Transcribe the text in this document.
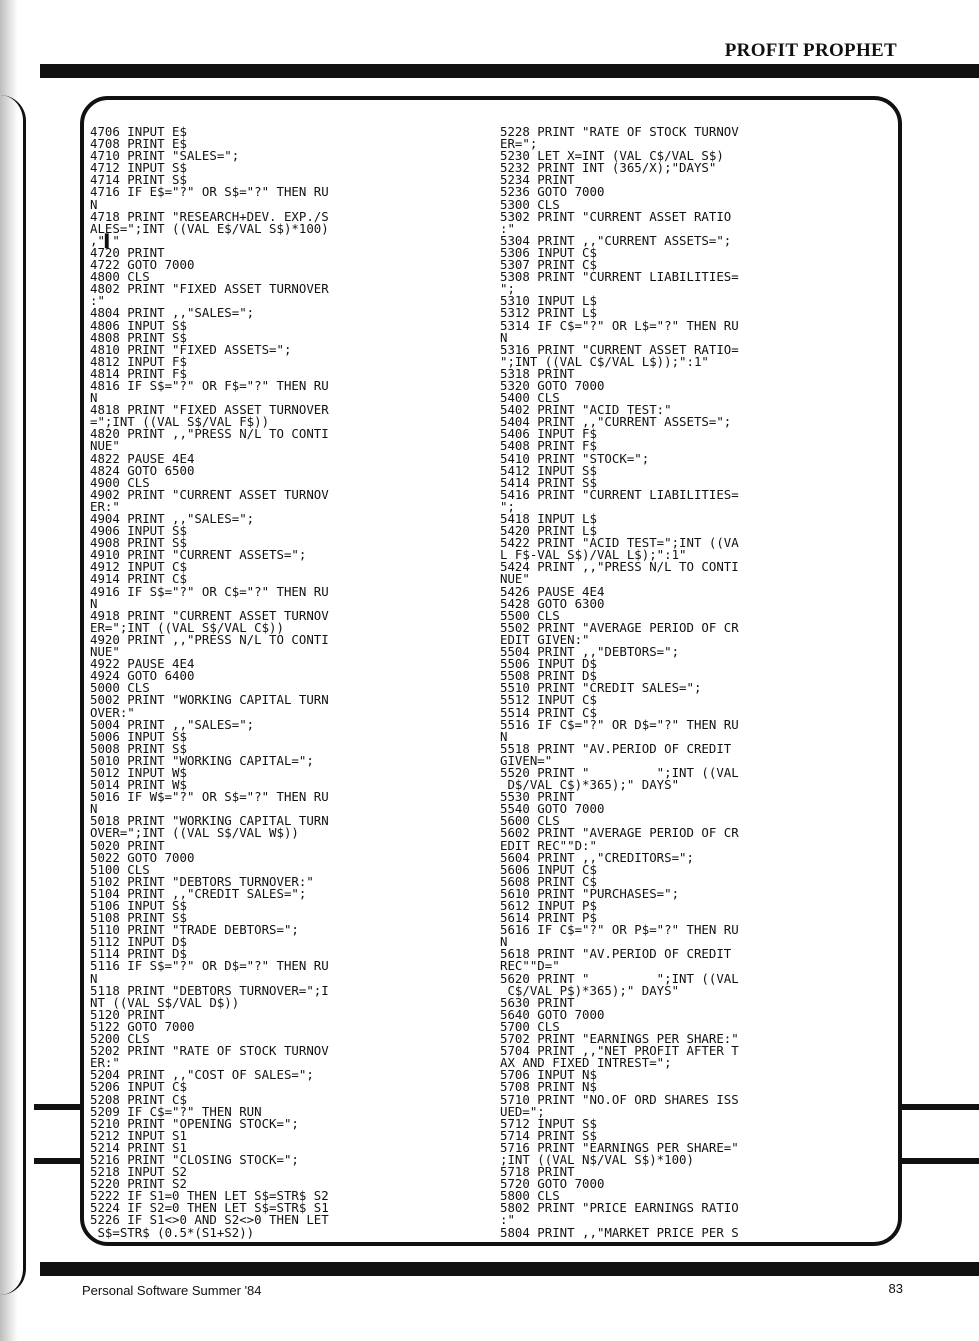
PROFIT PROPHET
4706 INPUT E$
4708 PRINT E$
4710 PRINT "SALES=";
4712 INPUT S$
4714 PRINT S$
4716 IF E$="?" OR S$="?" THEN RU
N
4718 PRINT "RESEARCH+DEV. EXP./S
ALES=";INT ((VAL E$/VAL S$)*100)
,"▌"
4720 PRINT
4722 GOTO 7000
4800 CLS
4802 PRINT "FIXED ASSET TURNOVER
:"
4804 PRINT ,,"SALES=";
4806 INPUT S$
4808 PRINT S$
4810 PRINT "FIXED ASSETS=";
4812 INPUT F$
4814 PRINT F$
4816 IF S$="?" OR F$="?" THEN RU
N
4818 PRINT "FIXED ASSET TURNOVER
=";INT ((VAL S$/VAL F$))
4820 PRINT ,,"PRESS N/L TO CONTI
NUE"
4822 PAUSE 4E4
4824 GOTO 6500
4900 CLS
4902 PRINT "CURRENT ASSET TURNOV
ER:"
4904 PRINT ,,"SALES=";
4906 INPUT S$
4908 PRINT S$
4910 PRINT "CURRENT ASSETS=";
4912 INPUT C$
4914 PRINT C$
4916 IF S$="?" OR C$="?" THEN RU
N
4918 PRINT "CURRENT ASSET TURNOV
ER=";INT ((VAL S$/VAL C$))
4920 PRINT ,,"PRESS N/L TO CONTI
NUE"
4922 PAUSE 4E4
4924 GOTO 6400
5000 CLS
5002 PRINT "WORKING CAPITAL TURN
OVER:"
5004 PRINT ,,"SALES=";
5006 INPUT S$
5008 PRINT S$
5010 PRINT "WORKING CAPITAL=";
5012 INPUT W$
5014 PRINT W$
5016 IF W$="?" OR S$="?" THEN RU
N
5018 PRINT "WORKING CAPITAL TURN
OVER=";INT ((VAL S$/VAL W$))
5020 PRINT
5022 GOTO 7000
5100 CLS
5102 PRINT "DEBTORS TURNOVER:"
5104 PRINT ,,"CREDIT SALES=";
5106 INPUT S$
5108 PRINT S$
5110 PRINT "TRADE DEBTORS=";
5112 INPUT D$
5114 PRINT D$
5116 IF S$="?" OR D$="?" THEN RU
N
5118 PRINT "DEBTORS TURNOVER=";I
NT ((VAL S$/VAL D$))
5120 PRINT
5122 GOTO 7000
5200 CLS
5202 PRINT "RATE OF STOCK TURNOV
ER:"
5204 PRINT ,,"COST OF SALES=";
5206 INPUT C$
5208 PRINT C$
5209 IF C$="?" THEN RUN
5210 PRINT "OPENING STOCK=";
5212 INPUT S1
5214 PRINT S1
5216 PRINT "CLOSING STOCK=";
5218 INPUT S2
5220 PRINT S2
5222 IF S1=0 THEN LET S$=STR$ S2
5224 IF S2=0 THEN LET S$=STR$ S1
5226 IF S1<>0 AND S2<>0 THEN LET
S$=STR$ (0.5*(S1+S2))
5228 PRINT "RATE OF STOCK TURNOV
ER=";
5230 LET X=INT (VAL C$/VAL S$)
5232 PRINT INT (365/X);"DAYS"
5234 PRINT
5236 GOTO 7000
5300 CLS
5302 PRINT "CURRENT ASSET RATIO
:"
5304 PRINT ,,"CURRENT ASSETS=";
5306 INPUT C$
5307 PRINT C$
5308 PRINT "CURRENT LIABILITIES=
";
5310 INPUT L$
5312 PRINT L$
5314 IF C$="?" OR L$="?" THEN RU
N
5316 PRINT "CURRENT ASSET RATIO=
";INT ((VAL C$/VAL L$));":1"
5318 PRINT
5320 GOTO 7000
5400 CLS
5402 PRINT "ACID TEST:"
5404 PRINT ,,"CURRENT ASSETS=";
5406 INPUT F$
5408 PRINT F$
5410 PRINT "STOCK=";
5412 INPUT S$
5414 PRINT S$
5416 PRINT "CURRENT LIABILITIES=
";
5418 INPUT L$
5420 PRINT L$
5422 PRINT "ACID TEST=";INT ((VA
L F$-VAL S$)/VAL L$);":1"
5424 PRINT ,,"PRESS N/L TO CONTI
NUE"
5426 PAUSE 4E4
5428 GOTO 6300
5500 CLS
5502 PRINT "AVERAGE PERIOD OF CR
EDIT GIVEN:"
5504 PRINT ,,"DEBTORS=";
5506 INPUT D$
5508 PRINT D$
5510 PRINT "CREDIT SALES=";
5512 INPUT C$
5514 PRINT C$
5516 IF C$="?" OR D$="?" THEN RU
N
5518 PRINT "AV.PERIOD OF CREDIT
GIVEN="
5520 PRINT "         ";INT ((VAL
D$/VAL C$)*365);" DAYS"
5530 PRINT
5540 GOTO 7000
5600 CLS
5602 PRINT "AVERAGE PERIOD OF CR
EDIT REC""D:"
5604 PRINT ,,"CREDITORS=";
5606 INPUT C$
5608 PRINT C$
5610 PRINT "PURCHASES=";
5612 INPUT P$
5614 PRINT P$
5616 IF C$="?" OR P$="?" THEN RU
N
5618 PRINT "AV.PERIOD OF CREDIT
REC""D="
5620 PRINT "         ";INT ((VAL
C$/VAL P$)*365);" DAYS"
5630 PRINT
5640 GOTO 7000
5700 CLS
5702 PRINT "EARNINGS PER SHARE:"
5704 PRINT ,,"NET PROFIT AFTER T
AX AND FIXED INTREST=";
5706 INPUT N$
5708 PRINT N$
5710 PRINT "NO.OF ORD SHARES ISS
UED=";
5712 INPUT S$
5714 PRINT S$
5716 PRINT "EARNINGS PER SHARE="
;INT ((VAL N$/VAL S$)*100)
5718 PRINT
5720 GOTO 7000
5800 CLS
5802 PRINT "PRICE EARNINGS RATIO
:"
5804 PRINT ,,"MARKET PRICE PER S
Personal Software Summer '84	83
